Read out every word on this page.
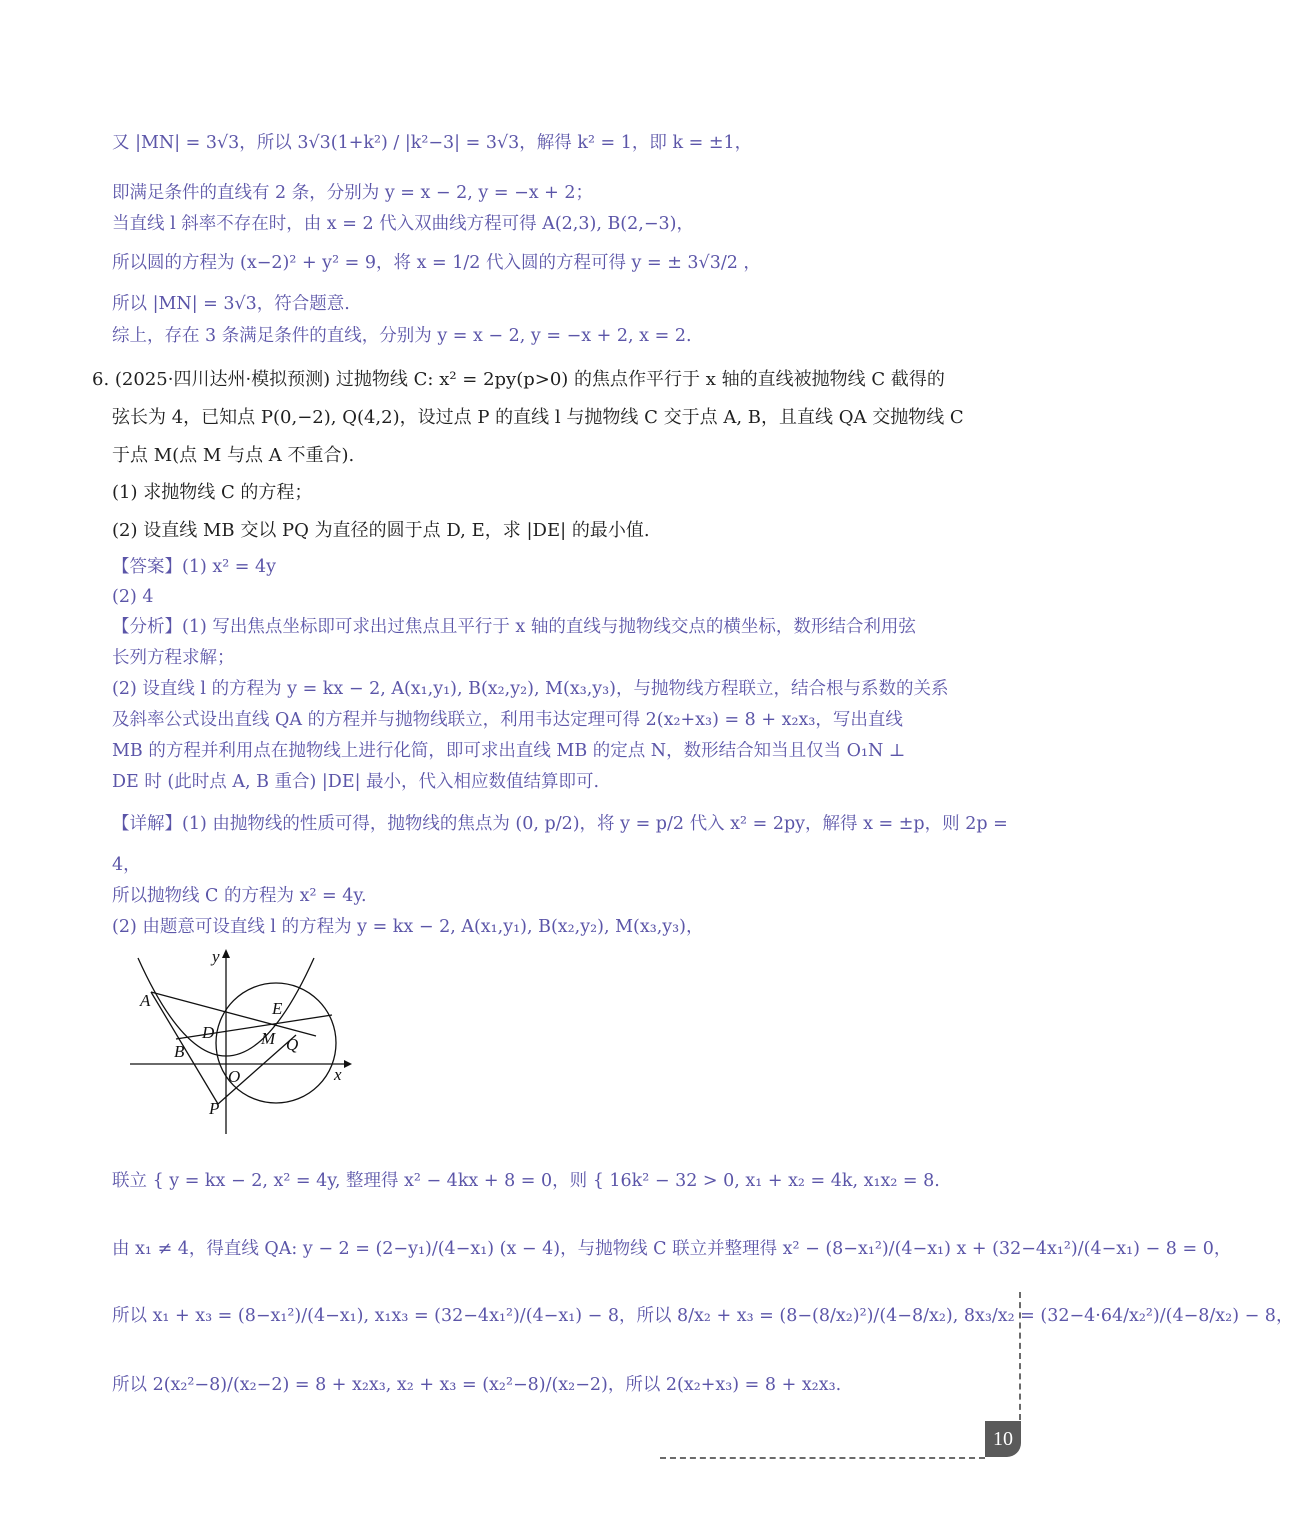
又 |MN| = 3√3，所以 3√3(1+k²) / |k²−3| = 3√3，解得 k² = 1，即 k = ±1，
即满足条件的直线有 2 条，分别为 y = x − 2, y = −x + 2；
当直线 l 斜率不存在时，由 x = 2 代入双曲线方程可得 A(2,3), B(2,−3)，
所以圆的方程为 (x−2)² + y² = 9，将 x = 1/2 代入圆的方程可得 y = ± 3√3/2 ，
所以 |MN| = 3√3，符合题意.
综上，存在 3 条满足条件的直线，分别为 y = x − 2, y = −x + 2, x = 2.
6. (2025·四川达州·模拟预测) 过抛物线 C: x² = 2py(p>0) 的焦点作平行于 x 轴的直线被抛物线 C 截得的
弦长为 4，已知点 P(0,−2), Q(4,2)，设过点 P 的直线 l 与抛物线 C 交于点 A, B，且直线 QA 交抛物线 C
于点 M(点 M 与点 A 不重合).
(1) 求抛物线 C 的方程；
(2) 设直线 MB 交以 PQ 为直径的圆于点 D, E，求 |DE| 的最小值.
【答案】(1) x² = 4y
(2) 4
【分析】(1) 写出焦点坐标即可求出过焦点且平行于 x 轴的直线与抛物线交点的横坐标，数形结合利用弦
长列方程求解；
(2) 设直线 l 的方程为 y = kx − 2, A(x₁,y₁), B(x₂,y₂), M(x₃,y₃)，与抛物线方程联立，结合根与系数的关系
及斜率公式设出直线 QA 的方程并与抛物线联立，利用韦达定理可得 2(x₂+x₃) = 8 + x₂x₃，写出直线
MB 的方程并利用点在抛物线上进行化简，即可求出直线 MB 的定点 N，数形结合知当且仅当 O₁N ⊥
DE 时 (此时点 A, B 重合) |DE| 最小，代入相应数值结算即可.
【详解】(1) 由抛物线的性质可得，抛物线的焦点为 (0, p/2)，将 y = p/2 代入 x² = 2py，解得 x = ±p，则 2p =
4，
所以抛物线 C 的方程为 x² = 4y.
(2) 由题意可设直线 l 的方程为 y = kx − 2, A(x₁,y₁), B(x₂,y₂), M(x₃,y₃)，
联立 { y = kx − 2, x² = 4y, 整理得 x² − 4kx + 8 = 0，则 { 16k² − 32 > 0, x₁ + x₂ = 4k, x₁x₂ = 8.
由 x₁ ≠ 4，得直线 QA: y − 2 = (2−y₁)/(4−x₁) (x − 4)，与抛物线 C 联立并整理得 x² − (8−x₁²)/(4−x₁) x + (32−4x₁²)/(4−x₁) − 8 = 0，
所以 x₁ + x₃ = (8−x₁²)/(4−x₁), x₁x₃ = (32−4x₁²)/(4−x₁) − 8，所以 8/x₂ + x₃ = (8−(8/x₂)²)/(4−8/x₂), 8x₃/x₂ = (32−4·64/x₂²)/(4−8/x₂) − 8，
所以 2(x₂²−8)/(x₂−2) = 8 + x₂x₃, x₂ + x₃ = (x₂²−8)/(x₂−2)，所以 2(x₂+x₃) = 8 + x₂x₃.
y
x
A	E
D	M Q
B
O
P
10
